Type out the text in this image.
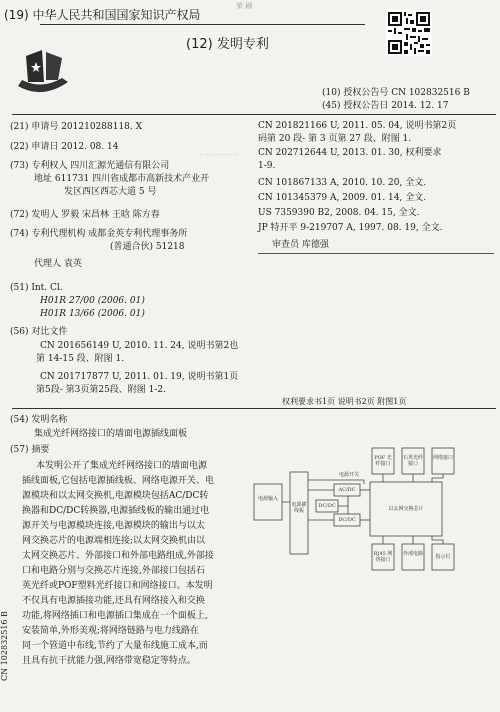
(19) 中华人民共和国国家知识产权局
荣 刷
(12) 发明专利
(10) 授权公告号 CN 102832516 B
(45) 授权公告日 2014. 12. 17
(21) 申请号 201210288118. X
(22) 申请日 2012. 08. 14
(73) 专利权人 四川汇源光通信有限公司
地址 611731 四川省成都市高新技术产业开
发区西区西芯大道 5 号
(72) 发明人 罗毅 宋昌林 王晗 陈方春
(74) 专利代理机构 成都金英专利代理事务所
(普通合伙) 51218
代理人 袁英
(51) Int. Cl.
H01R 27/00 (2006. 01)
H01R 13/66 (2006. 01)
(56) 对比文件
CN 201656149 U, 2010. 11. 24, 说明书第2也
第 14-15 段、附图 1.
CN 201717877 U, 2011. 01. 19, 说明书第1页
第5段- 第3页第25段、附图 1-2.
─ ─ ─ ─ ─ ─ ─
CN 201821166 U, 2011. 05. 04, 说明书第2页
码第 20 段- 第 3 页第 27 段、附图 1.
CN 202712644 U, 2013. 01. 30, 权利要求
1-9.
CN 101867133 A, 2010. 10. 20, 全文.
CN 101345379 A, 2009. 01. 14, 全文.
US 7359390 B2, 2008. 04. 15, 全文.
JP 特开平 9-219707 A, 1997. 08. 19, 全文.
审查员 库德强
权利要求书1页 说明书2页 附图1页
(54) 发明名称
集成光纤网络接口的墙面电源插线面板
(57) 摘要
本发明公开了集成光纤网络接口的墙面电源
插线面板,它包括电源插线板、网络电源开关、电
源模块和以太网交换机,电源模块包括AC/DC转
换器和DC/DC转换器,电源插线板的输出通过电
源开关与电源模块连接,电源模块的输出与以太
网交换芯片的电源端相连接;以太网交换机由以
太网交换芯片、外部接口和外部电路组成,外部接
口和电路分别与交换芯片连接,外部接口包括石
英光纤或POF塑料光纤接口和网络接口。本发明
不仅具有电源插接功能,还具有网络接入和交换
功能,将网络插口和电源插口集成在一个面板上,
安装简单,外形美观;将网络链路与电力线路在
同一个管道中布线,节约了大量布线施工成本,而
且具有抗干扰能力强,网络带宽稳定等特点。
CN 102832516 B
电源输入
电源插线板
电源开关
AC/DC
DC/DC
DC/DC
以太网交换芯片
POF 光纤接口
石英光纤接口
网络接口
RJ45 网络接口
外部电路	指示灯
